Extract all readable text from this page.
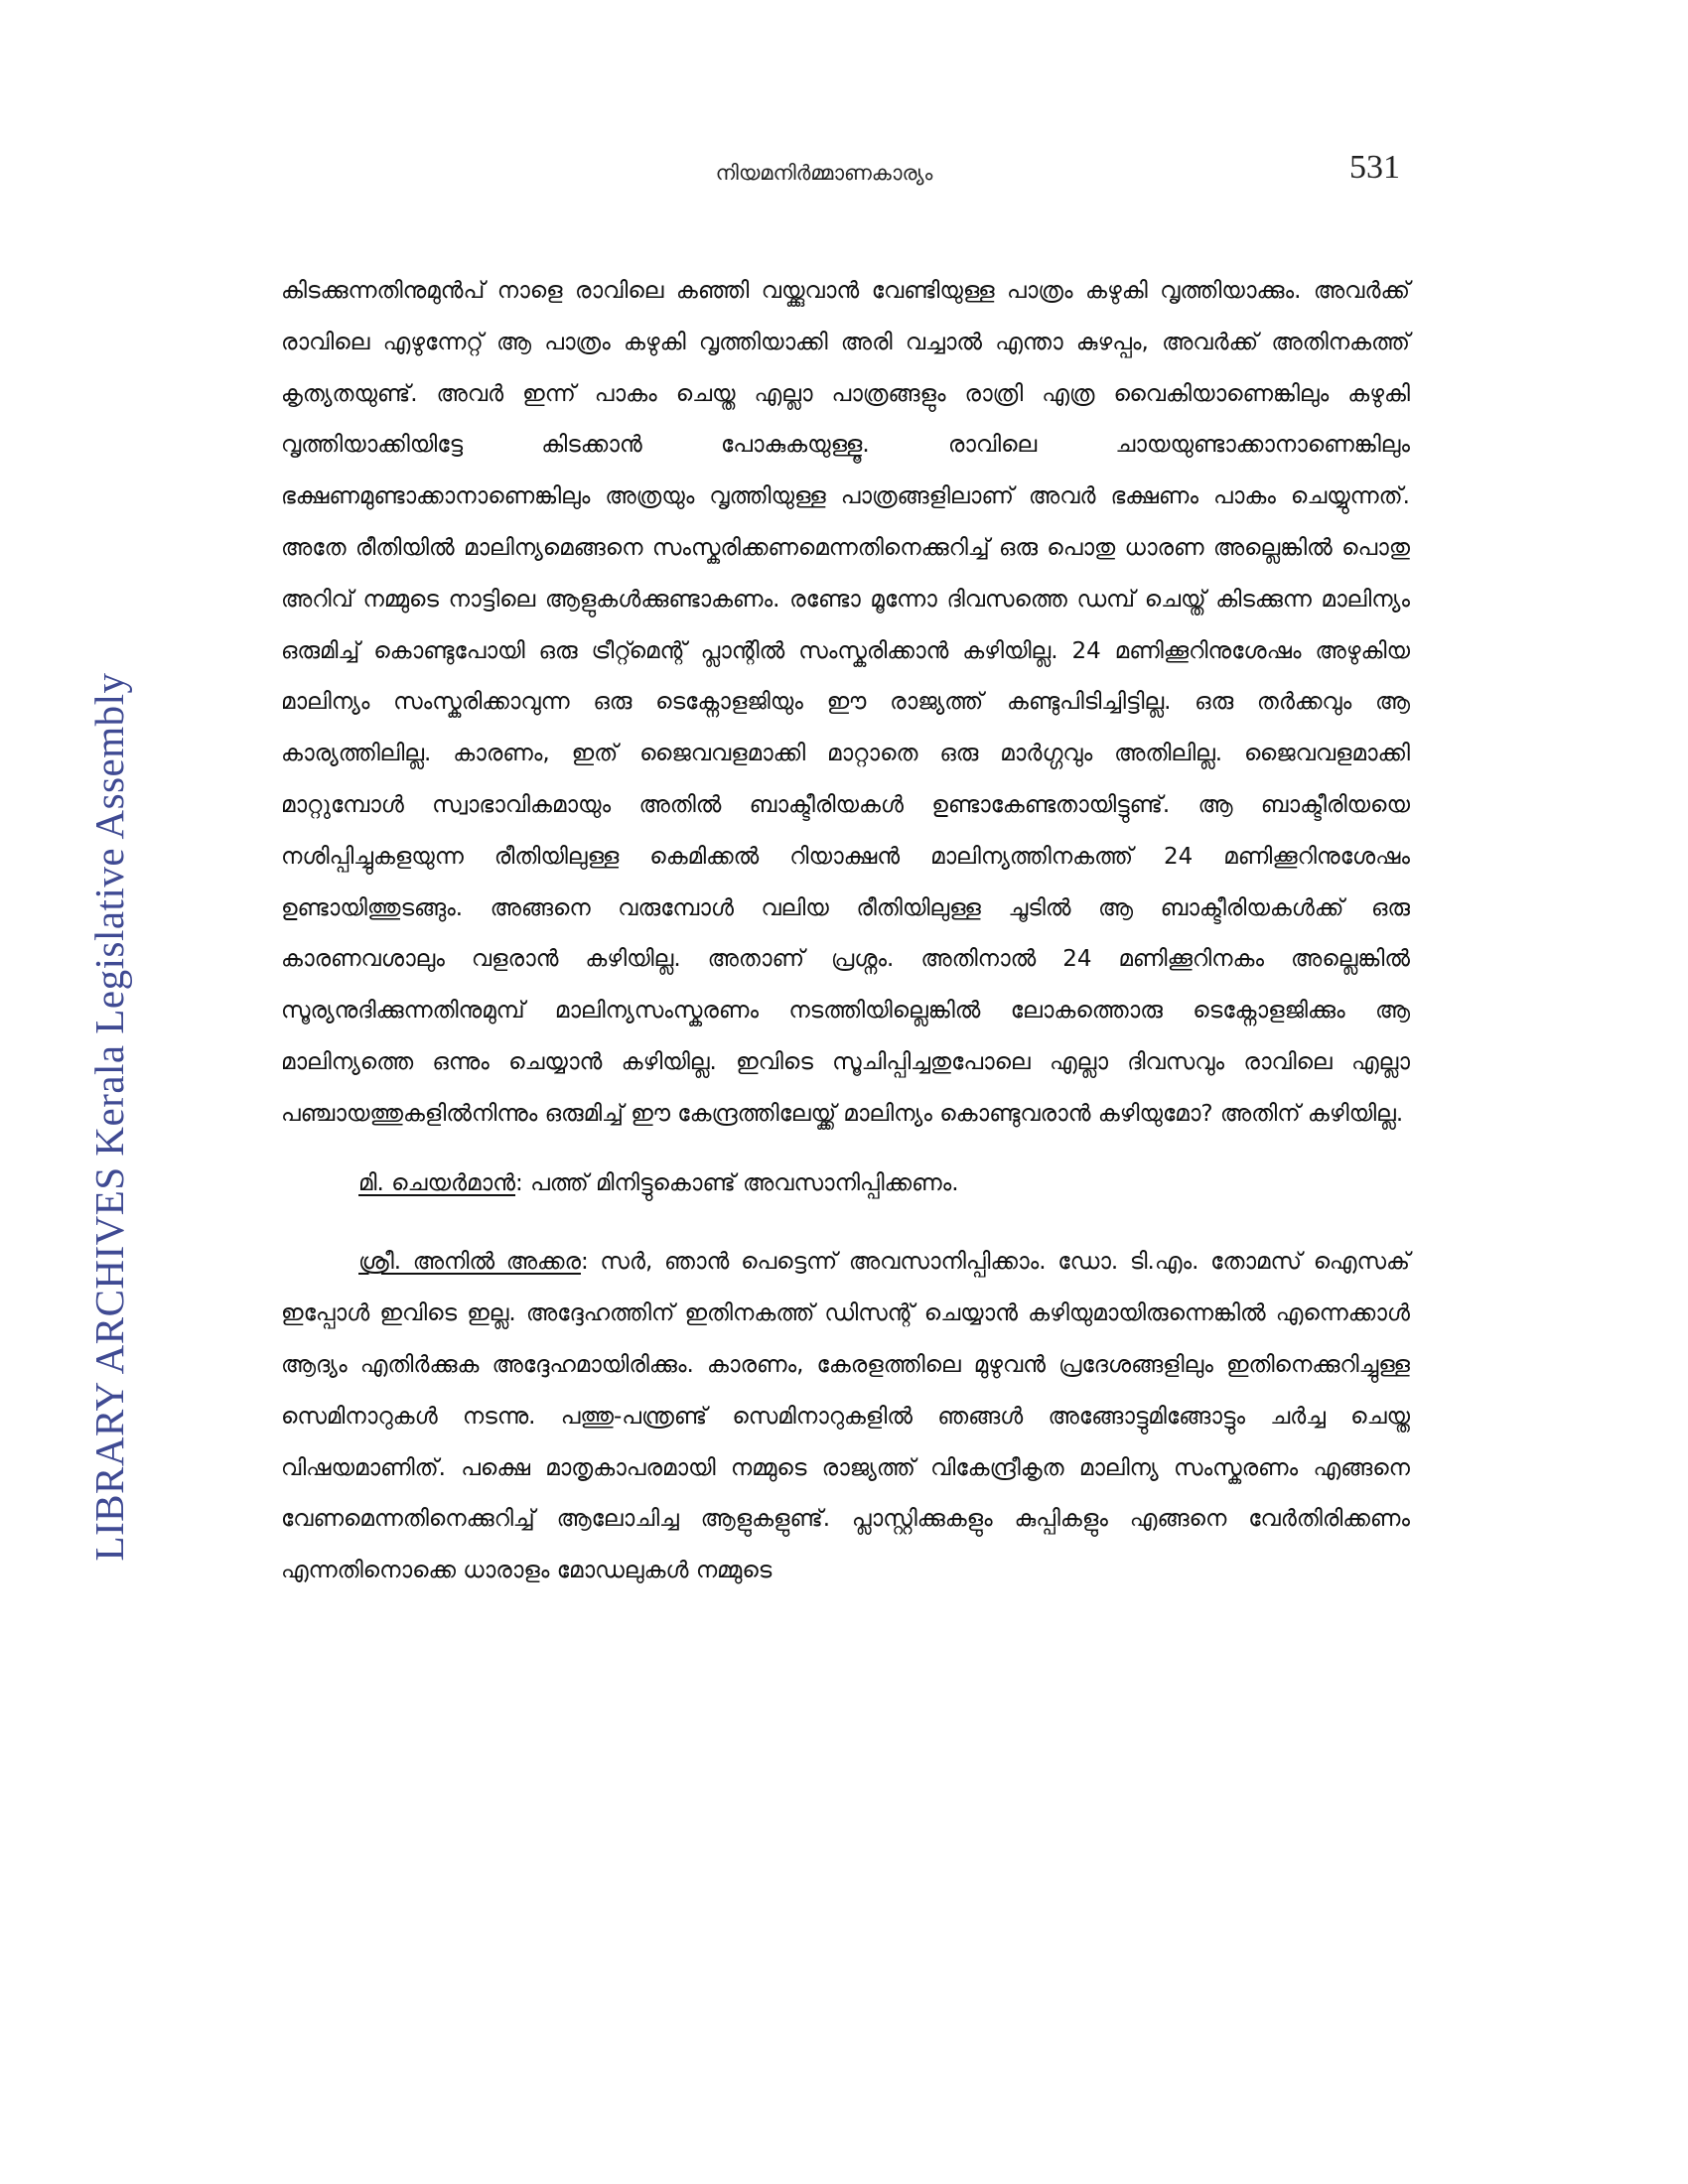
നിയമനിർമ്മാണകാര്യം	531
LIBRARY ARCHIVES Kerala Legislative Assembly

കിടക്കുന്നതിനുമുൻപ് നാളെ രാവിലെ കഞ്ഞി വയ്ക്കുവാൻ വേണ്ടിയുള്ള പാത്രം കഴുകി വൃത്തിയാക്കും. അവർക്ക് രാവിലെ എഴുന്നേറ്റ് ആ പാത്രം കഴുകി വൃത്തിയാക്കി അരി വച്ചാൽ എന്താ കുഴപ്പം, അവർക്ക് അതിനകത്ത് കൃത്യതയുണ്ട്. അവർ ഇന്ന് പാകം ചെയ്ത എല്ലാ പാത്രങ്ങളും രാത്രി എത്ര വൈകിയാണെങ്കിലും കഴുകി വൃത്തിയാക്കിയിട്ടേ കിടക്കാൻ പോകുകയുള്ളൂ. രാവിലെ ചായയുണ്ടാക്കാനാണെങ്കിലും ഭക്ഷണമുണ്ടാക്കാനാണെങ്കിലും അത്രയും വൃത്തിയുള്ള പാത്രങ്ങളിലാണ് അവർ ഭക്ഷണം പാകം ചെയ്യുന്നത്. അതേ രീതിയിൽ മാലിന്യമെങ്ങനെ സംസ്കരിക്കണമെന്നതിനെക്കുറിച്ച് ഒരു പൊതു ധാരണ അല്ലെങ്കിൽ പൊതു അറിവ് നമ്മുടെ നാട്ടിലെ ആളുകൾക്കുണ്ടാകണം. രണ്ടോ മൂന്നോ ദിവസത്തെ ഡമ്പ് ചെയ്ത് കിടക്കുന്ന മാലിന്യം ഒരുമിച്ച് കൊണ്ടുപോയി ഒരു ട്രീറ്റ്മെന്റ് പ്ലാന്റിൽ സംസ്കരിക്കാൻ കഴിയില്ല. 24 മണിക്കൂറിനുശേഷം അഴുകിയ മാലിന്യം സംസ്കരിക്കാവുന്ന ഒരു ടെക്നോളജിയും ഈ രാജ്യത്ത് കണ്ടുപിടിച്ചിട്ടില്ല. ഒരു തർക്കവും ആ കാര്യത്തിലില്ല. കാരണം, ഇത് ജൈവവളമാക്കി മാറ്റാതെ ഒരു മാർഗ്ഗവും അതിലില്ല. ജൈവവളമാക്കി മാറ്റുമ്പോൾ സ്വാഭാവികമായും അതിൽ ബാക്ടീരിയകൾ ഉണ്ടാകേണ്ടതായിട്ടുണ്ട്. ആ ബാക്ടീരിയയെ നശിപ്പിച്ചുകളയുന്ന രീതിയിലുള്ള കെമിക്കൽ റിയാക്ഷൻ മാലിന്യത്തിനകത്ത് 24 മണിക്കൂറിനുശേഷം ഉണ്ടായിത്തുടങ്ങും. അങ്ങനെ വരുമ്പോൾ വലിയ രീതിയിലുള്ള ചൂടിൽ ആ ബാക്ടീരിയകൾക്ക് ഒരു കാരണവശാലും വളരാൻ കഴിയില്ല. അതാണ് പ്രശ്നം. അതിനാൽ 24 മണിക്കൂറിനകം അല്ലെങ്കിൽ സൂര്യനുദിക്കുന്നതിനുമുമ്പ് മാലിന്യസംസ്കരണം നടത്തിയില്ലെങ്കിൽ ലോകത്തൊരു ടെക്നോളജിക്കും ആ മാലിന്യത്തെ ഒന്നും ചെയ്യാൻ കഴിയില്ല. ഇവിടെ സൂചിപ്പിച്ചതുപോലെ എല്ലാ ദിവസവും രാവിലെ എല്ലാ പഞ്ചായത്തുകളിൽനിന്നും ഒരുമിച്ച് ഈ കേന്ദ്രത്തിലേയ്ക്ക് മാലിന്യം കൊണ്ടുവരാൻ കഴിയുമോ? അതിന് കഴിയില്ല.

മി. ചെയർമാൻ: പത്ത് മിനിട്ടുകൊണ്ട് അവസാനിപ്പിക്കണം.

ശ്രീ. അനിൽ അക്കര: സർ, ഞാൻ പെട്ടെന്ന് അവസാനിപ്പിക്കാം. ഡോ. ടി.എം. തോമസ് ഐസക് ഇപ്പോൾ ഇവിടെ ഇല്ല. അദ്ദേഹത്തിന് ഇതിനകത്ത് ഡിസന്റ് ചെയ്യാൻ കഴിയുമായിരുന്നെങ്കിൽ എന്നെക്കാൾ ആദ്യം എതിർക്കുക അദ്ദേഹമായിരിക്കും. കാരണം, കേരളത്തിലെ മുഴുവൻ പ്രദേശങ്ങളിലും ഇതിനെക്കുറിച്ചുള്ള സെമിനാറുകൾ നടന്നു. പത്തു-പന്ത്രണ്ട് സെമിനാറുകളിൽ ഞങ്ങൾ അങ്ങോട്ടുമിങ്ങോട്ടും ചർച്ച ചെയ്ത വിഷയമാണിത്. പക്ഷെ മാതൃകാപരമായി നമ്മുടെ രാജ്യത്ത് വികേന്ദ്രീകൃത മാലിന്യ സംസ്കരണം എങ്ങനെ വേണമെന്നതിനെക്കുറിച്ച് ആലോചിച്ച ആളുകളുണ്ട്. പ്ലാസ്റ്റിക്കുകളും കുപ്പികളും എങ്ങനെ വേർതിരിക്കണം എന്നതിനൊക്കെ ധാരാളം മോഡലുകൾ നമ്മുടെ
